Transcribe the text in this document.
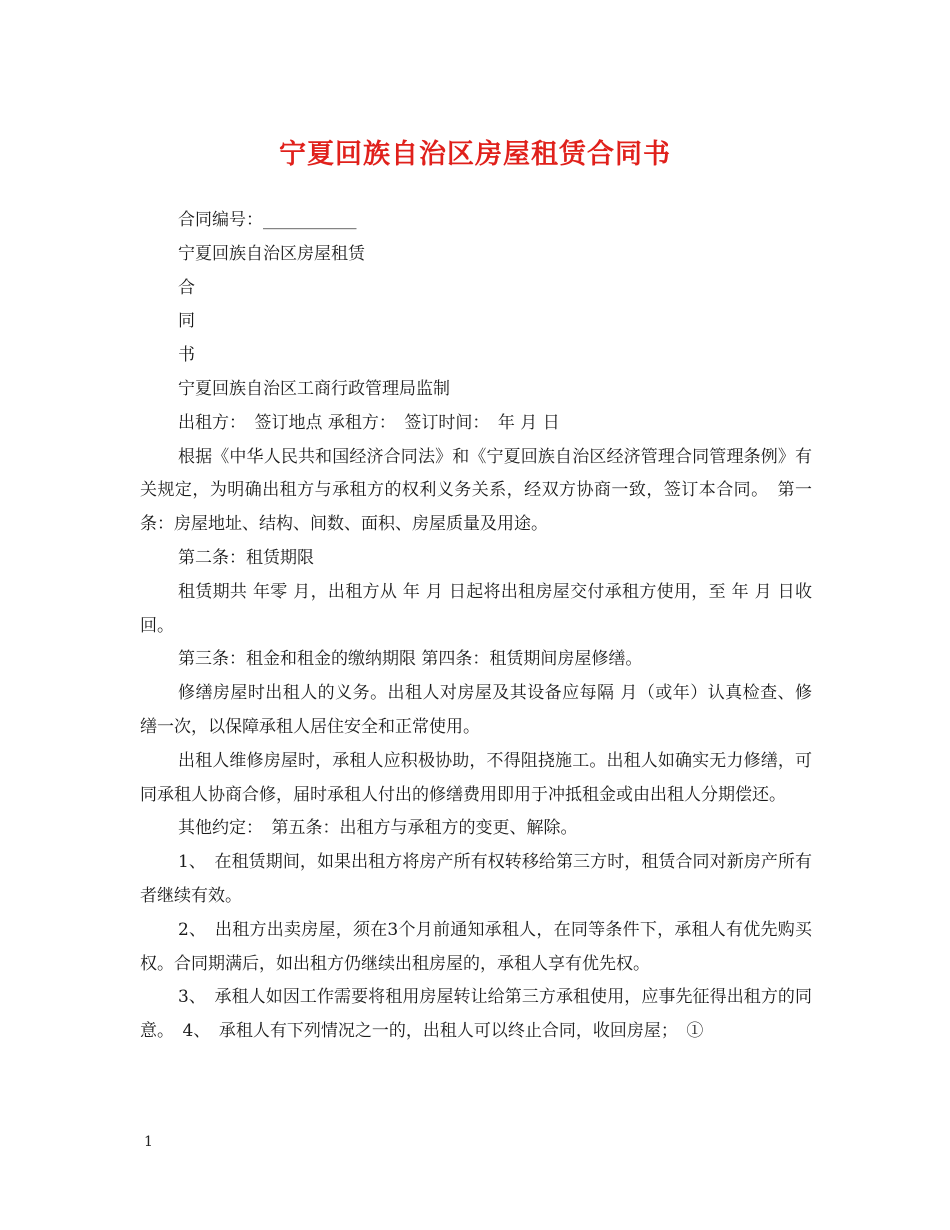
宁夏回族自治区房屋租赁合同书

合同编号：___________

宁夏回族自治区房屋租赁

合

同

书

宁夏回族自治区工商行政管理局监制

出租方：　签订地点 承租方：　签订时间：　年 月 日

根据《中华人民共和国经济合同法》和《宁夏回族自治区经济管理合同管理条例》有关规定，为明确出租方与承租方的权利义务关系，经双方协商一致，签订本合同。　第一条：房屋地址、结构、间数、面积、房屋质量及用途。

第二条：租赁期限

租赁期共 年零 月，出租方从 年 月 日起将出租房屋交付承租方使用，至 年 月 日收回。

第三条：租金和租金的缴纳期限 第四条：租赁期间房屋修缮。

修缮房屋时出租人的义务。出租人对房屋及其设备应每隔 月（或年）认真检查、修缮一次，以保障承租人居住安全和正常使用。

出租人维修房屋时，承租人应积极协助，不得阻挠施工。出租人如确实无力修缮，可同承租人协商合修，届时承租人付出的修缮费用即用于冲抵租金或由出租人分期偿还。

其他约定：　第五条：出租方与承租方的变更、解除。

1、　在租赁期间，如果出租方将房产所有权转移给第三方时，租赁合同对新房产所有者继续有效。

2、　出租方出卖房屋，须在3个月前通知承租人，在同等条件下，承租人有优先购买权。合同期满后，如出租方仍继续出租房屋的，承租人享有优先权。

3、　承租人如因工作需要将租用房屋转让给第三方承租使用，应事先征得出租方的同意。　4、　承租人有下列情况之一的，出租人可以终止合同，收回房屋；　①

1
